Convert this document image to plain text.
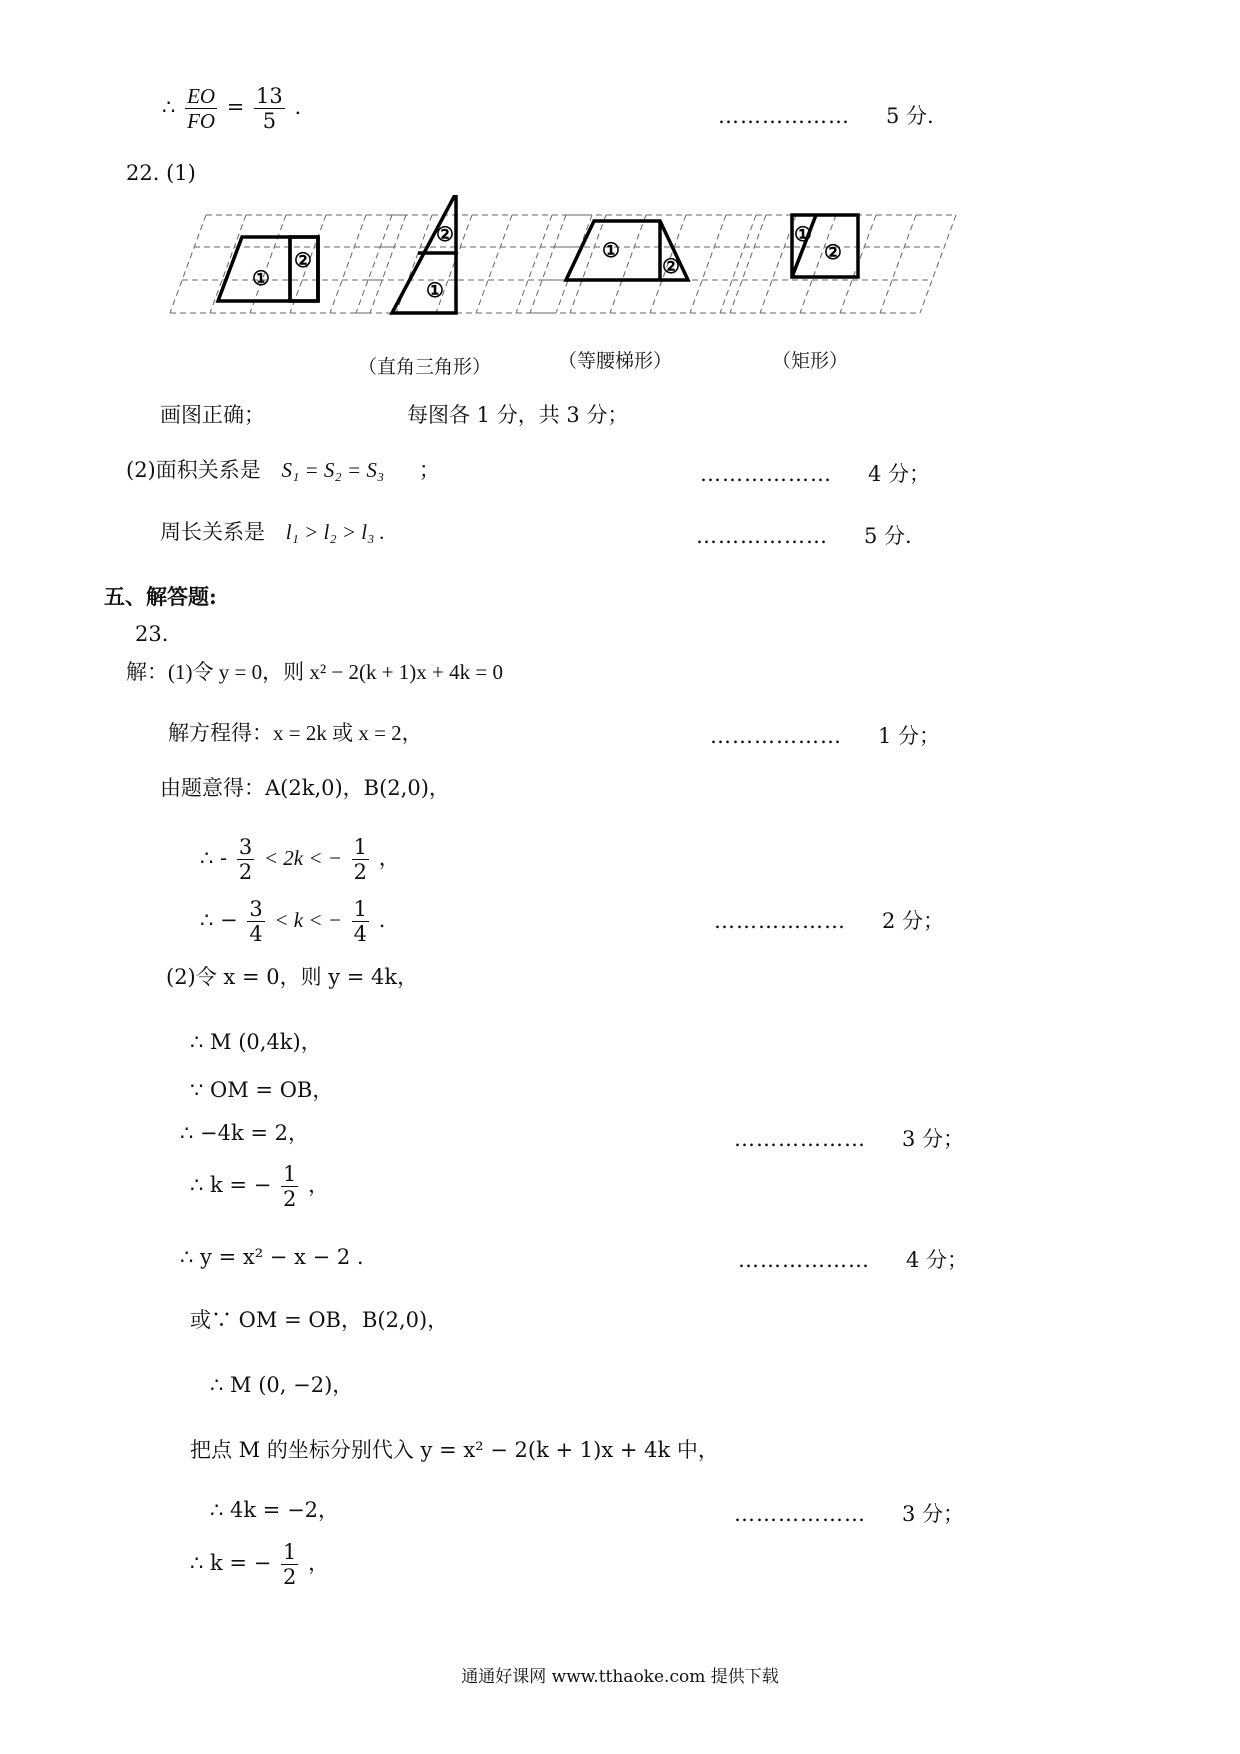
∴ $\frac{EO}{FO} = \frac{13}{5}$ .	……………… 5 分.
22. (1)
①
②
②
①
①
②
①
②
（直角三角形）	（等腰梯形）	（矩形）
画图正确；	每图各 1 分，共 3 分；
(2)面积关系是 S₁ = S₂ = S₃ ；	……………… 4 分；
周长关系是 l₁ > l₂ > l₃ .	……………… 5 分.
五、解答题:
23.
解：(1)令 y = 0，则 x² − 2(k + 1)x + 4k = 0
解方程得：x = 2k 或 x = 2，	……………… 1 分；
由题意得：A(2k,0)，B(2,0)，
∴ - $\frac{3}{2} < 2k$ < − $\frac{1}{2}$ ，
∴ − $\frac{3}{4} < k$ < − $\frac{1}{4}$ .	……………… 2 分；
(2)令 x = 0，则 y = 4k，
∴ M (0,4k)，
∵ OM = OB，
∴ −4k = 2，	……………… 3 分；
∴ k = − $\frac{1}{2}$ ，
∴ y = x² − x − 2 .	……………… 4 分；
或∵ OM = OB，B(2,0)，
∴ M (0, −2)，
把点 M 的坐标分别代入 y = x² − 2(k + 1)x + 4k 中，
∴ 4k = −2，	……………… 3 分；
∴ k = − $\frac{1}{2}$ ，
通通好课网 www.tthaoke.com 提供下载
